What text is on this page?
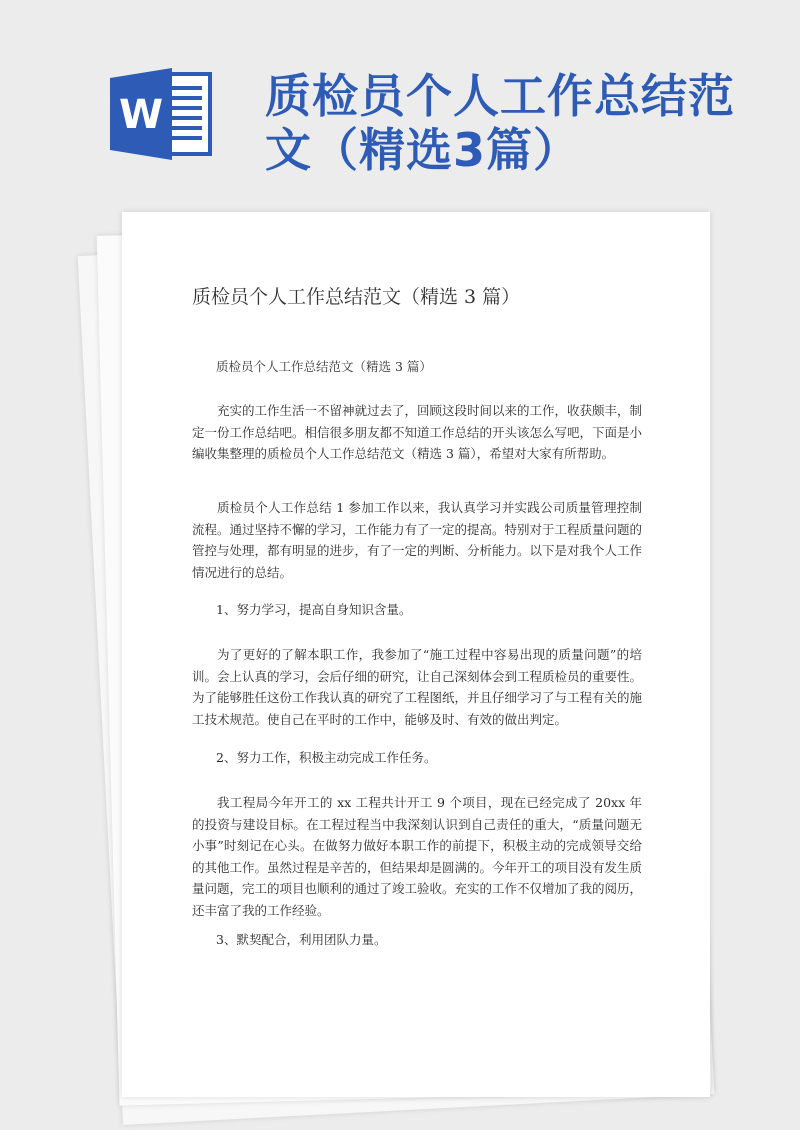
W 质检员个人工作总结范
文（精选3篇）
质检员个人工作总结范文（精选 3 篇）
质检员个人工作总结范文（精选 3 篇）

充实的工作生活一不留神就过去了，回顾这段时间以来的工作，收获颇丰，制定一份工作总结吧。相信很多朋友都不知道工作总结的开头该怎么写吧，下面是小编收集整理的质检员个人工作总结范文（精选 3 篇），希望对大家有所帮助。

质检员个人工作总结 1 参加工作以来，我认真学习并实践公司质量管理控制流程。通过坚持不懈的学习，工作能力有了一定的提高。特别对于工程质量问题的管控与处理，都有明显的进步，有了一定的判断、分析能力。以下是对我个人工作情况进行的总结。

1、努力学习，提高自身知识含量。

为了更好的了解本职工作，我参加了“施工过程中容易出现的质量问题”的培训。会上认真的学习，会后仔细的研究，让自己深刻体会到工程质检员的重要性。为了能够胜任这份工作我认真的研究了工程图纸，并且仔细学习了与工程有关的施工技术规范。使自己在平时的工作中，能够及时、有效的做出判定。

2、努力工作，积极主动完成工作任务。

我工程局今年开工的 xx 工程共计开工 9 个项目，现在已经完成了 20xx 年的投资与建设目标。在工程过程当中我深刻认识到自己责任的重大，“质量问题无小事”时刻记在心头。在做努力做好本职工作的前提下，积极主动的完成领导交给的其他工作。虽然过程是辛苦的，但结果却是圆满的。今年开工的项目没有发生质量问题，完工的项目也顺利的通过了竣工验收。充实的工作不仅增加了我的阅历，还丰富了我的工作经验。

3、默契配合，利用团队力量。
